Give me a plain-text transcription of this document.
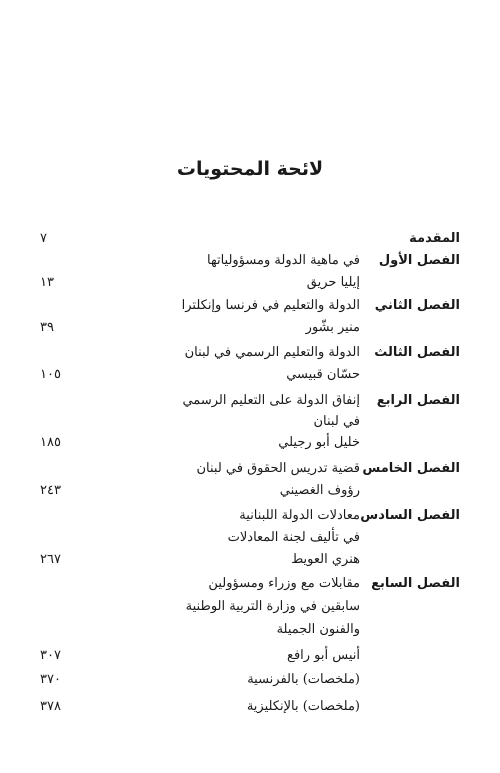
لائحة المحتويات
المقدمة
٧
الفصل الأول
في ماهية الدولة ومسؤولياتها
إيليا حريق
١٣
الفصل الثاني
الدولة والتعليم في فرنسا وإنكلترا
منير بشّور
٣٩
الفصل الثالث
الدولة والتعليم الرسمي في لبنان
حسّان قبيسي
١٠٥
الفصل الرابع
إنفاق الدولة على التعليم الرسمي
في لبنان
خليل أبو رجيلي
١٨٥
الفصل الخامس
قضية تدريس الحقوق في لبنان
رؤوف الغصيني
٢٤٣
الفصل السادس
معادلات الدولة اللبنانية
في تأليف لجنة المعادلات
هنري العويط
٢٦٧
الفصل السابع
مقابلات مع وزراء ومسؤولين
سابقين في وزارة التربية الوطنية
والفنون الجميلة
أنيس أبو رافع
٣٠٧
(ملخصات) بالفرنسية
٣٧٠
(ملخصات) بالإنكليزية
٣٧٨
